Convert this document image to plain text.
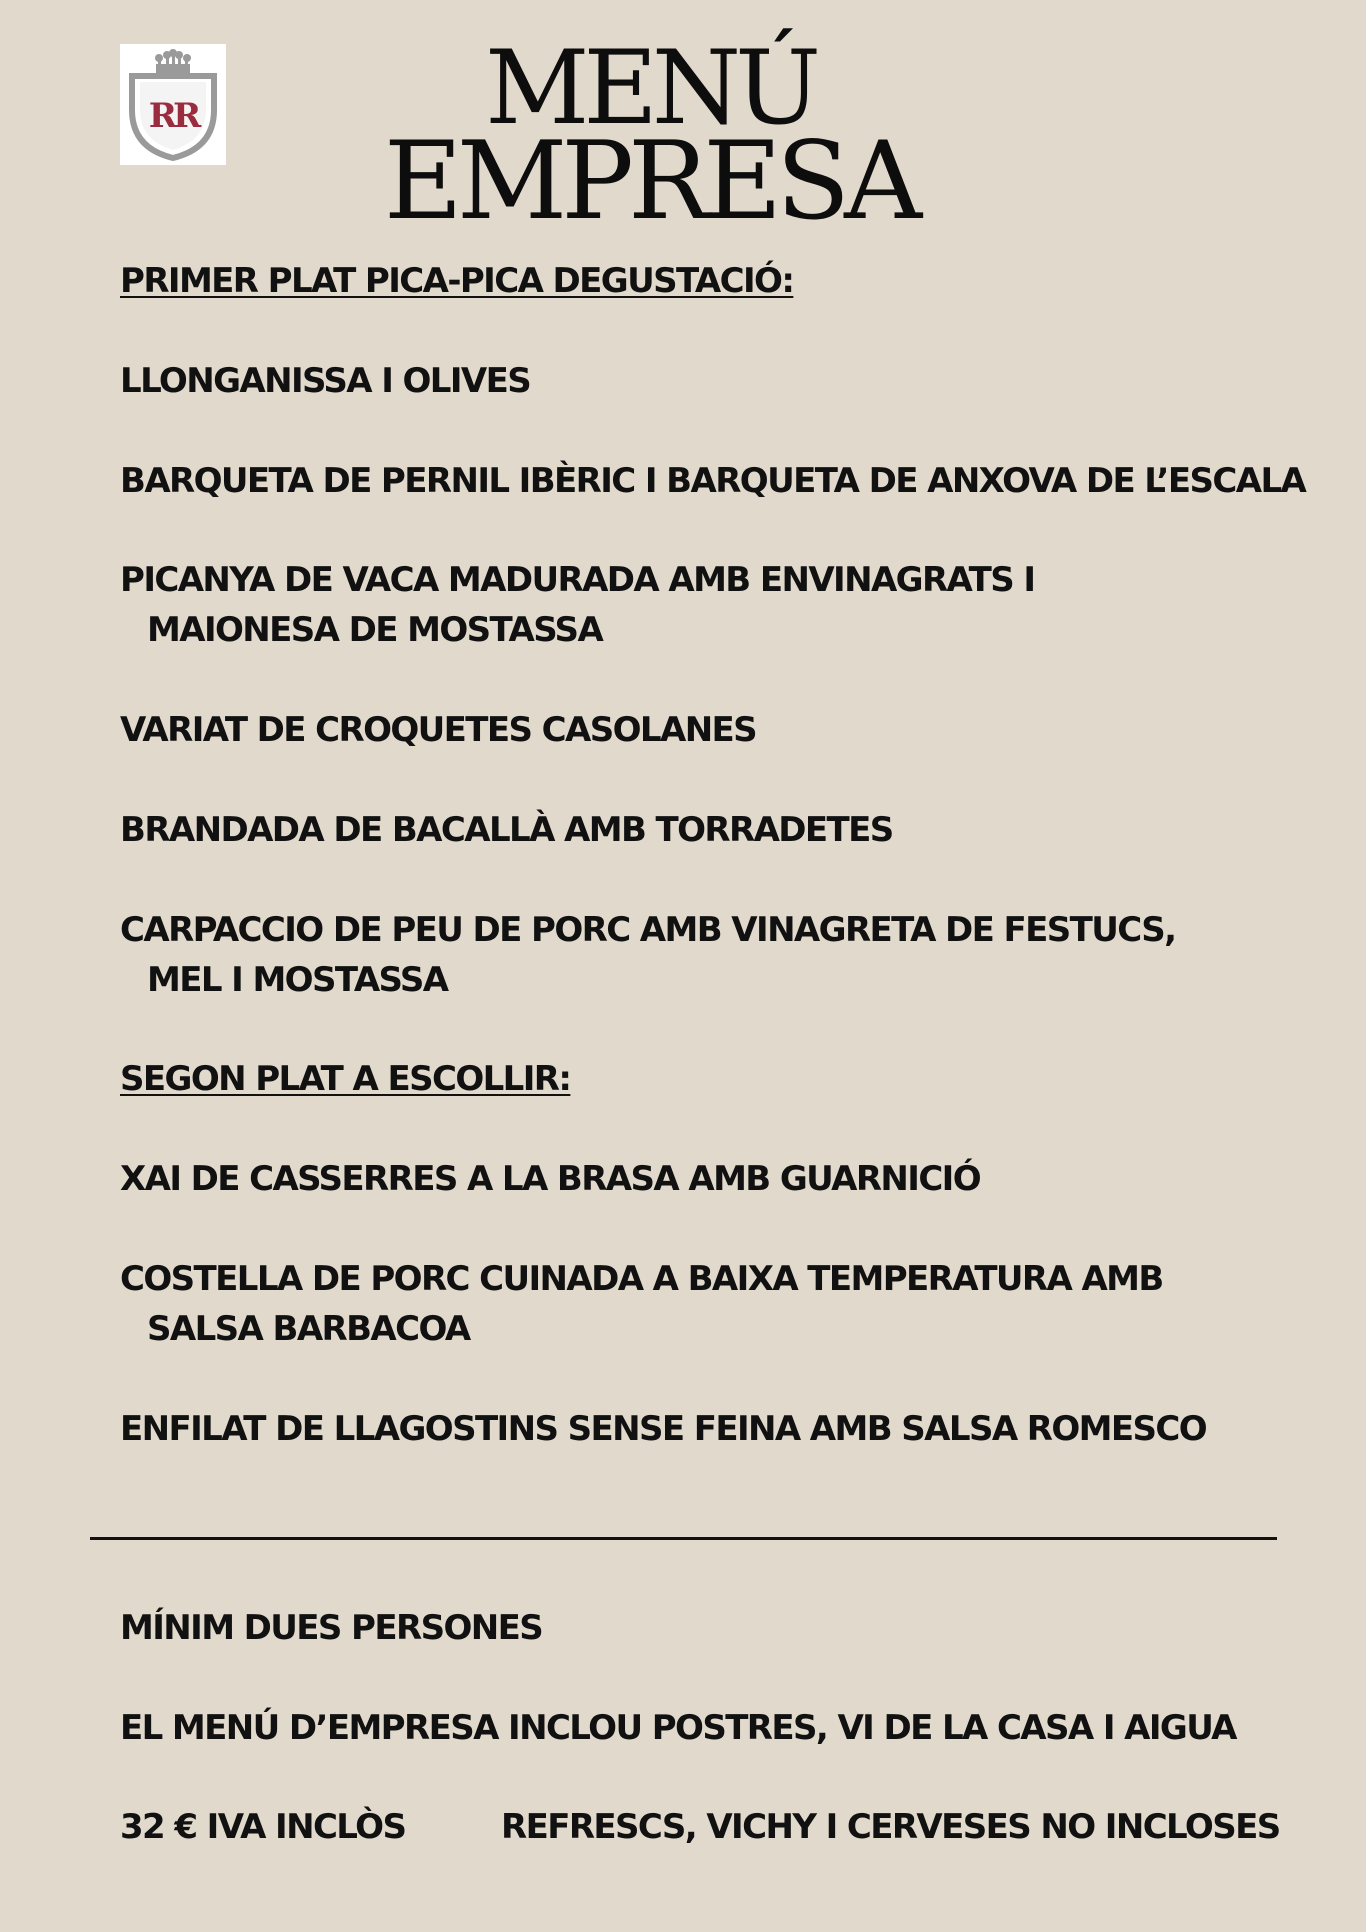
RR	MENÚ
EMPRESA
PRIMER PLAT PICA-PICA DEGUSTACIÓ:
LLONGANISSA I OLIVES
BARQUETA DE PERNIL IBÈRIC I BARQUETA DE ANXOVA DE L’ESCALA
PICANYA DE VACA MADURADA AMB ENVINAGRATS I
MAIONESA DE MOSTASSA
VARIAT DE CROQUETES CASOLANES
BRANDADA DE BACALLÀ AMB TORRADETES
CARPACCIO DE PEU DE PORC AMB VINAGRETA DE FESTUCS,
MEL I MOSTASSA
SEGON PLAT A ESCOLLIR:
XAI DE CASSERRES A LA BRASA AMB GUARNICIÓ
COSTELLA DE PORC CUINADA A BAIXA TEMPERATURA AMB
SALSA BARBACOA
ENFILAT DE LLAGOSTINS SENSE FEINA AMB SALSA ROMESCO
MÍNIM DUES PERSONES
EL MENÚ D’EMPRESA INCLOU POSTRES, VI DE LA CASA I AIGUA
32 € IVA INCLÒS	REFRESCS, VICHY I CERVESES NO INCLOSES
